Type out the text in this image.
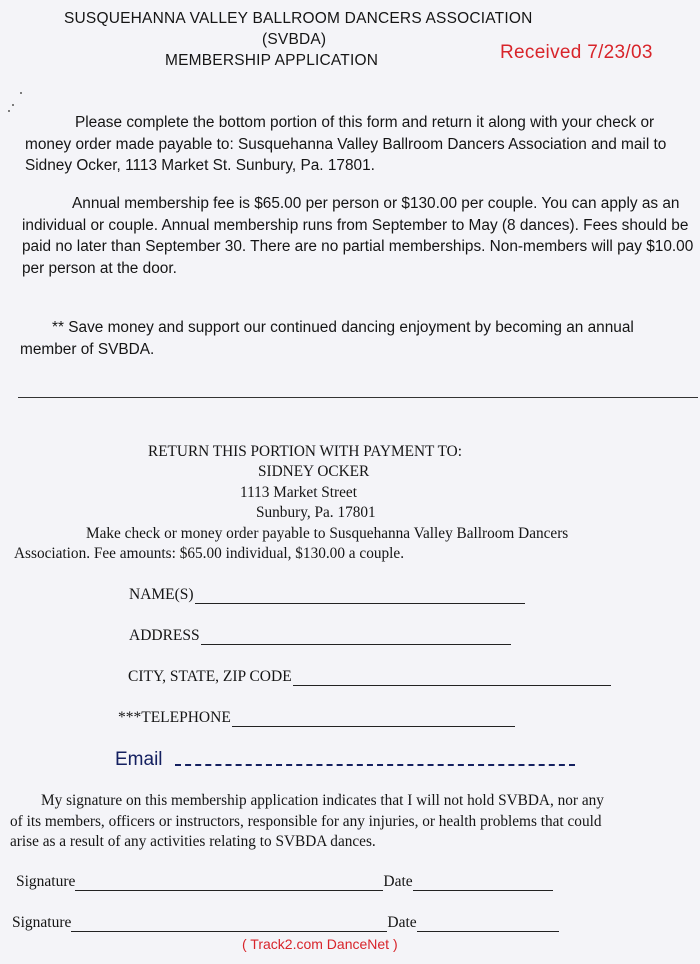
SUSQUEHANNA VALLEY BALLROOM DANCERS ASSOCIATION
(SVBDA)
MEMBERSHIP APPLICATION	Received 7/23/03

Please complete the bottom portion of this form and return it along with your check or money order made payable to: Susquehanna Valley Ballroom Dancers Association and mail to Sidney Ocker, 1113 Market St. Sunbury, Pa. 17801.

Annual membership fee is $65.00 per person or $130.00 per couple. You can apply as an individual or couple. Annual membership runs from September to May (8 dances). Fees should be paid no later than September 30. There are no partial memberships. Non-members will pay $10.00 per person at the door.

** Save money and support our continued dancing enjoyment by becoming an annual member of SVBDA.

RETURN THIS PORTION WITH PAYMENT TO:
SIDNEY OCKER
1113 Market Street
Sunbury, Pa. 17801
Make check or money order payable to Susquehanna Valley Ballroom Dancers
Association. Fee amounts: $65.00 individual, $130.00 a couple.
NAME(S)
ADDRESS
CITY, STATE, ZIP CODE
***TELEPHONE
Email
My signature on this membership application indicates that I will not hold SVBDA, nor any
of its members, officers or instructors, responsible for any injuries, or health problems that could
arise as a result of any activities relating to SVBDA dances.
Signature	Date
Signature	Date
( Track2.com DanceNet )
